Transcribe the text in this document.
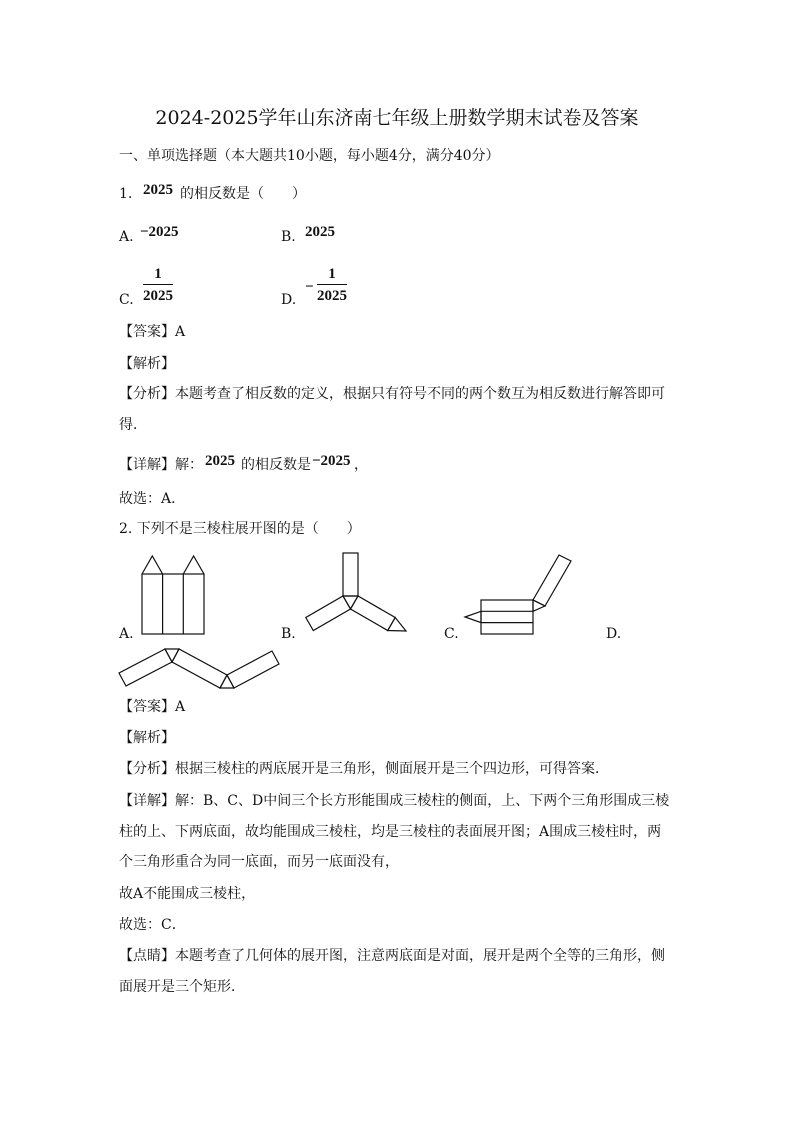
2024-2025学年山东济南七年级上册数学期末试卷及答案
一、单项选择题（本大题共10小题，每小题4分，满分40分）
1. 2025 的相反数是（　　）
A. −2025	B. 2025
C.
1
2025	D.
−
1
2025
【答案】A
【解析】
【分析】本题考查了相反数的定义，根据只有符号不同的两个数互为相反数进行解答即可
得．
【详解】解： 2025 的相反数是 −2025 ，
故选：A．
2. 下列不是三棱柱展开图的是（　　）
A.	B.	C.	D.
【答案】A
【解析】
【分析】根据三棱柱的两底展开是三角形，侧面展开是三个四边形，可得答案．
【详解】解：B、C、D中间三个长方形能围成三棱柱的侧面，上、下两个三角形围成三棱
柱的上、下两底面，故均能围成三棱柱，均是三棱柱的表面展开图；A围成三棱柱时，两
个三角形重合为同一底面，而另一底面没有，
故A不能围成三棱柱，
故选：C．
【点睛】本题考查了几何体的展开图，注意两底面是对面，展开是两个全等的三角形，侧
面展开是三个矩形．
